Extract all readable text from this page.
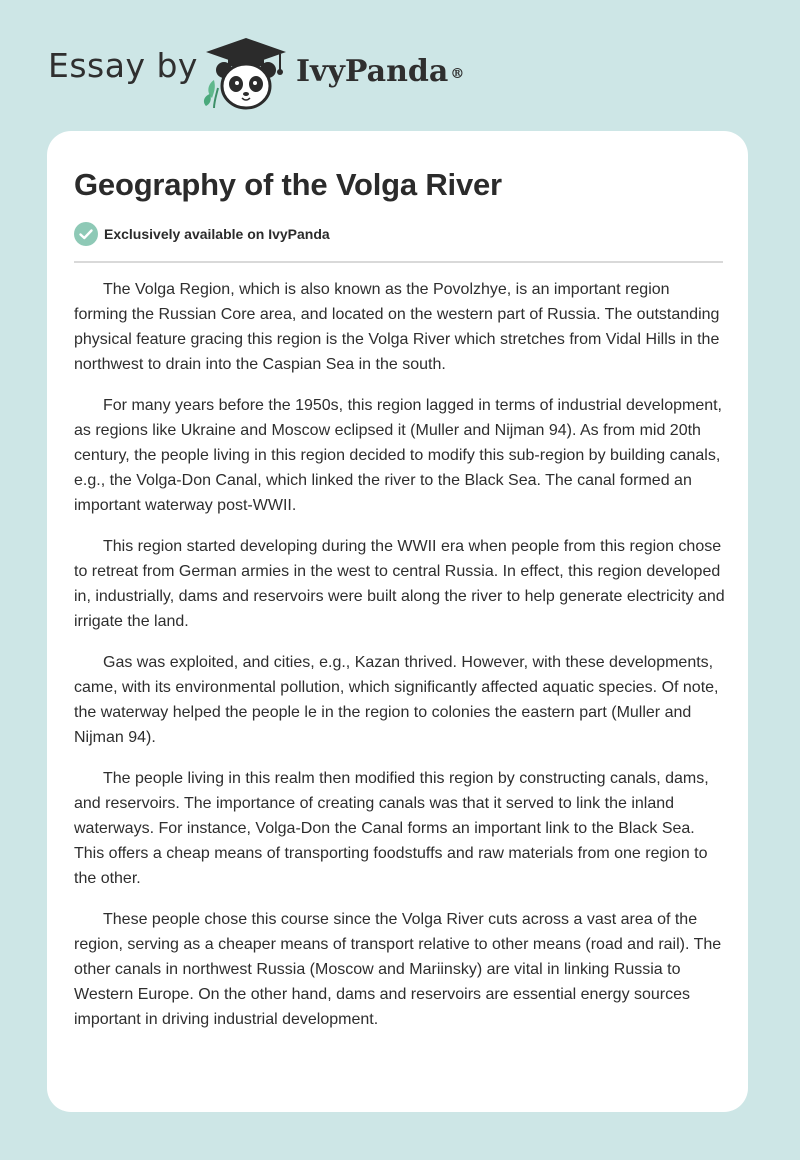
Essay by	IvyPanda ®
Geography of the Volga River
Exclusively available on IvyPanda

The Volga Region, which is also known as the Povolzhye, is an important region forming the Russian Core area, and located on the western part of Russia. The outstanding physical feature gracing this region is the Volga River which stretches from Vidal Hills in the northwest to drain into the Caspian Sea in the south.

For many years before the 1950s, this region lagged in terms of industrial development, as regions like Ukraine and Moscow eclipsed it (Muller and Nijman 94). As from mid 20th century, the people living in this region decided to modify this sub-region by building canals, e.g., the Volga-Don Canal, which linked the river to the Black Sea. The canal formed an important waterway post-WWII.

This region started developing during the WWII era when people from this region chose to retreat from German armies in the west to central Russia. In effect, this region developed in, industrially, dams and reservoirs were built along the river to help generate electricity and irrigate the land.

Gas was exploited, and cities, e.g., Kazan thrived. However, with these developments, came, with its environmental pollution, which significantly affected aquatic species. Of note, the waterway helped the people le in the region to colonies the eastern part (Muller and Nijman 94).

The people living in this realm then modified this region by constructing canals, dams, and reservoirs. The importance of creating canals was that it served to link the inland waterways. For instance, Volga-Don the Canal forms an important link to the Black Sea. This offers a cheap means of transporting foodstuffs and raw materials from one region to the other.

These people chose this course since the Volga River cuts across a vast area of the region, serving as a cheaper means of transport relative to other means (road and rail). The other canals in northwest Russia (Moscow and Mariinsky) are vital in linking Russia to Western Europe. On the other hand, dams and reservoirs are essential energy sources important in driving industrial development.
